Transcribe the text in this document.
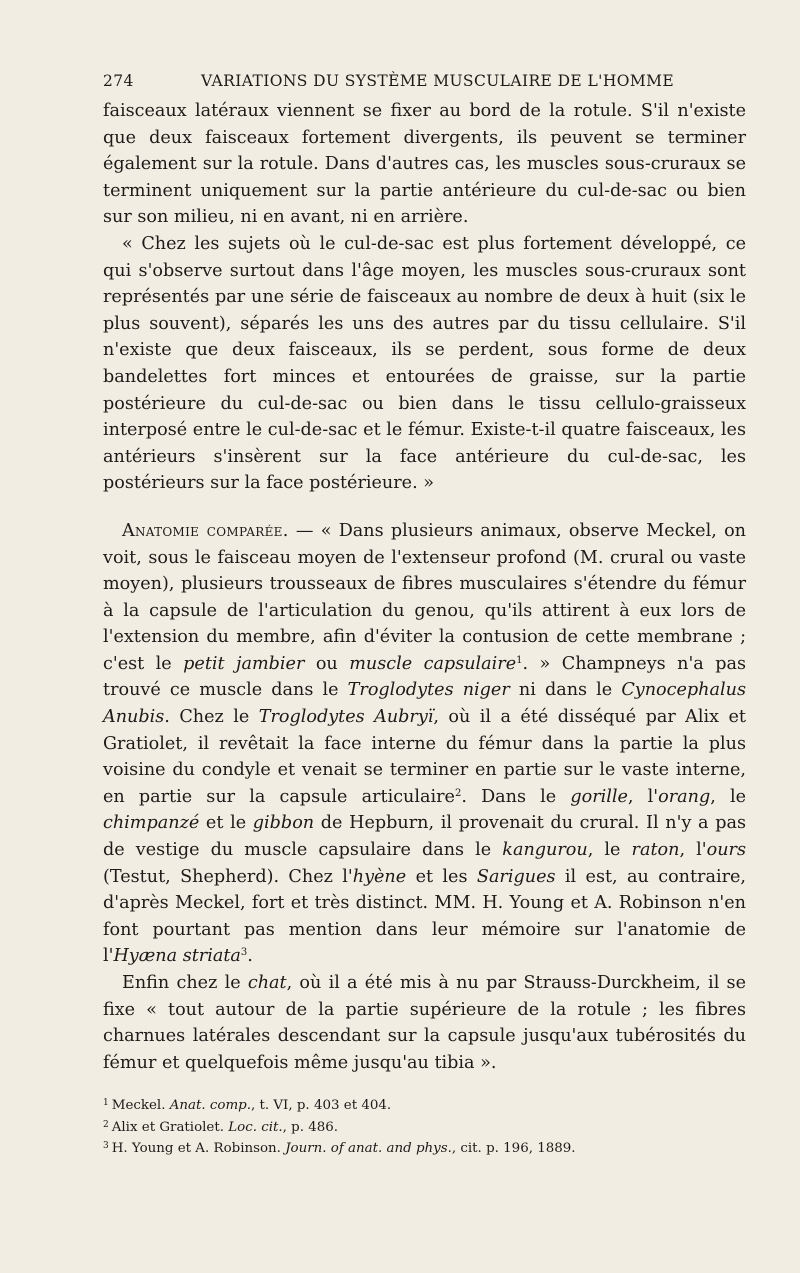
274	VARIATIONS DU SYSTÈME MUSCULAIRE DE L'HOMME

faisceaux latéraux viennent se fixer au bord de la rotule. S'il n'existe que deux faisceaux fortement divergents, ils peuvent se terminer également sur la rotule. Dans d'autres cas, les muscles sous-cruraux se terminent uniquement sur la partie antérieure du cul-de-sac ou bien sur son milieu, ni en avant, ni en arrière.

« Chez les sujets où le cul-de-sac est plus fortement développé, ce qui s'observe surtout dans l'âge moyen, les muscles sous-cruraux sont représentés par une série de faisceaux au nombre de deux à huit (six le plus souvent), séparés les uns des autres par du tissu cellulaire. S'il n'existe que deux faisceaux, ils se perdent, sous forme de deux bandelettes fort minces et entourées de graisse, sur la partie postérieure du cul-de-sac ou bien dans le tissu cellulo-graisseux interposé entre le cul-de-sac et le fémur. Existe-t-il quatre faisceaux, les antérieurs s'insèrent sur la face antérieure du cul-de-sac, les postérieurs sur la face postérieure. »

Anatomie comparée. — « Dans plusieurs animaux, observe Meckel, on voit, sous le faisceau moyen de l'extenseur profond (M. crural ou vaste moyen), plusieurs trousseaux de fibres musculaires s'étendre du fémur à la capsule de l'articulation du genou, qu'ils attirent à eux lors de l'extension du membre, afin d'éviter la contusion de cette membrane ; c'est le petit jambier ou muscle capsulaire$^1$. » Champneys n'a pas trouvé ce muscle dans le Troglodytes niger ni dans le Cynocephalus Anubis. Chez le Troglodytes Aubryï, où il a été disséqué par Alix et Gratiolet, il revêtait la face interne du fémur dans la partie la plus voisine du condyle et venait se terminer en partie sur le vaste interne, en partie sur la capsule articulaire$^2$. Dans le gorille, l'orang, le chimpanzé et le gibbon de Hepburn, il provenait du crural. Il n'y a pas de vestige du muscle capsulaire dans le kangurou, le raton, l'ours (Testut, Shepherd). Chez l'hyène et les Sarigues il est, au contraire, d'après Meckel, fort et très distinct. MM. H. Young et A. Robinson n'en font pourtant pas mention dans leur mémoire sur l'anatomie de l'Hyæna striata$^3$.

Enfin chez le chat, où il a été mis à nu par Strauss-Durckheim, il se fixe « tout autour de la partie supérieure de la rotule ; les fibres charnues latérales descendant sur la capsule jusqu'aux tubérosités du fémur et quelquefois même jusqu'au tibia ».

$^1$ Meckel. Anat. comp., t. VI, p. 403 et 404.
$^2$ Alix et Gratiolet. Loc. cit., p. 486.
$^3$ H. Young et A. Robinson. Journ. of anat. and phys., cit. p. 196, 1889.
